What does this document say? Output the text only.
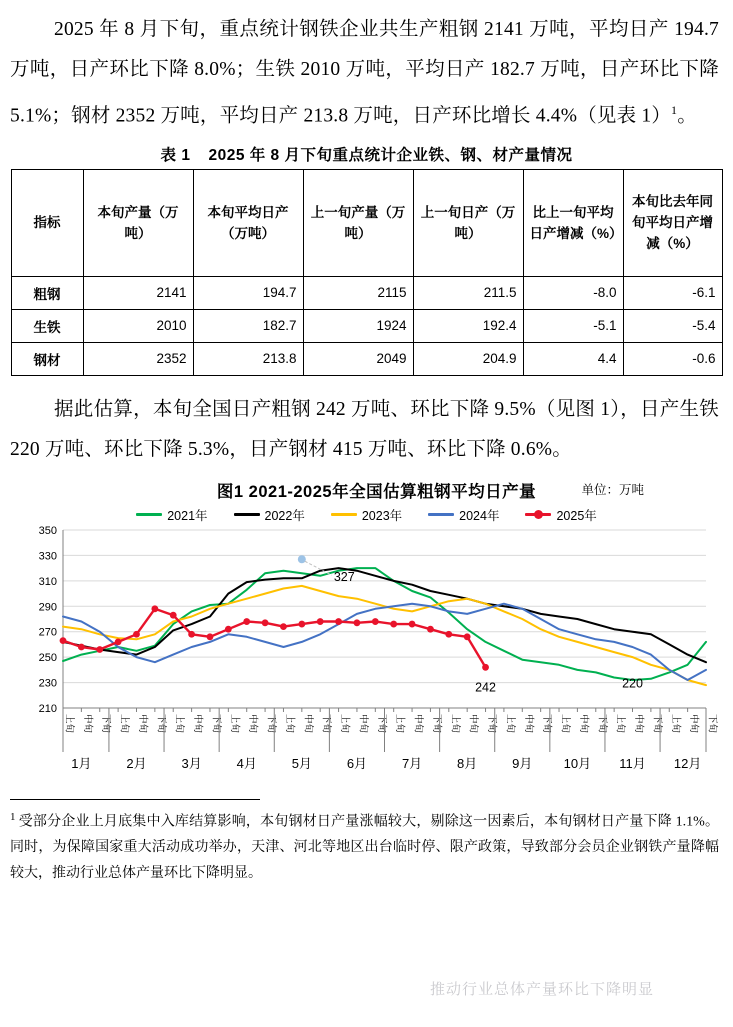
2025 年 8 月下旬，重点统计钢铁企业共生产粗钢 2141 万吨，平均日产 194.7 万吨，日产环比下降 8.0%；生铁 2010 万吨，平均日产 182.7 万吨，日产环比下降 5.1%；钢材 2352 万吨，平均日产 213.8 万吨，日产环比增长 4.4%（见表 1）$^1$。

表 1 2025 年 8 月下旬重点统计企业铁、钢、材产量情况
指标	本旬产量（万吨）	本旬平均日产（万吨）	上一旬产量（万吨）	上一旬日产（万吨）	比上一旬平均日产增减（%）	本旬比去年同旬平均日产增减（%）
粗钢	2141	194.7	2115	211.5	-8.0	-6.1
生铁	2010	182.7	1924	192.4	-5.1	-5.4
钢材	2352	213.8	2049	204.9	4.4	-0.6

据此估算，本旬全国日产粗钢 242 万吨、环比下降 9.5%（见图 1），日产生铁 220 万吨、环比下降 5.3%，日产钢材 415 万吨、环比下降 0.6%。

图1 2021-2025年全国估算粗钢平均日产量	单位：万吨
2021年	2022年	2023年	2024年	2025年
210
230
250
270
290
310
330
350
上旬 中旬 下旬 上旬 中旬 下旬 上旬 中旬 下旬 上旬 中旬 下旬 上旬 中旬 下旬 上旬 中旬 下旬 上旬 中旬 下旬 上旬 中旬 下旬 上旬 中旬 下旬 上旬 中旬 下旬 上旬 中旬 下旬 上旬 中旬 下旬
1月	2月	3月	4月	5月	6月	7月	8月	9月 10月 11月 12月
327
242	220

$^1$ 受部分企业上月底集中入库结算影响，本旬钢材日产量涨幅较大，剔除这一因素后，本旬钢材日产量下降 1.1%。同时，为保障国家重大活动成功举办，天津、河北等地区出台临时停、限产政策，导致部分会员企业钢铁产量降幅较大，推动行业总体产量环比下降明显。

推动行业总体产量环比下降明显
